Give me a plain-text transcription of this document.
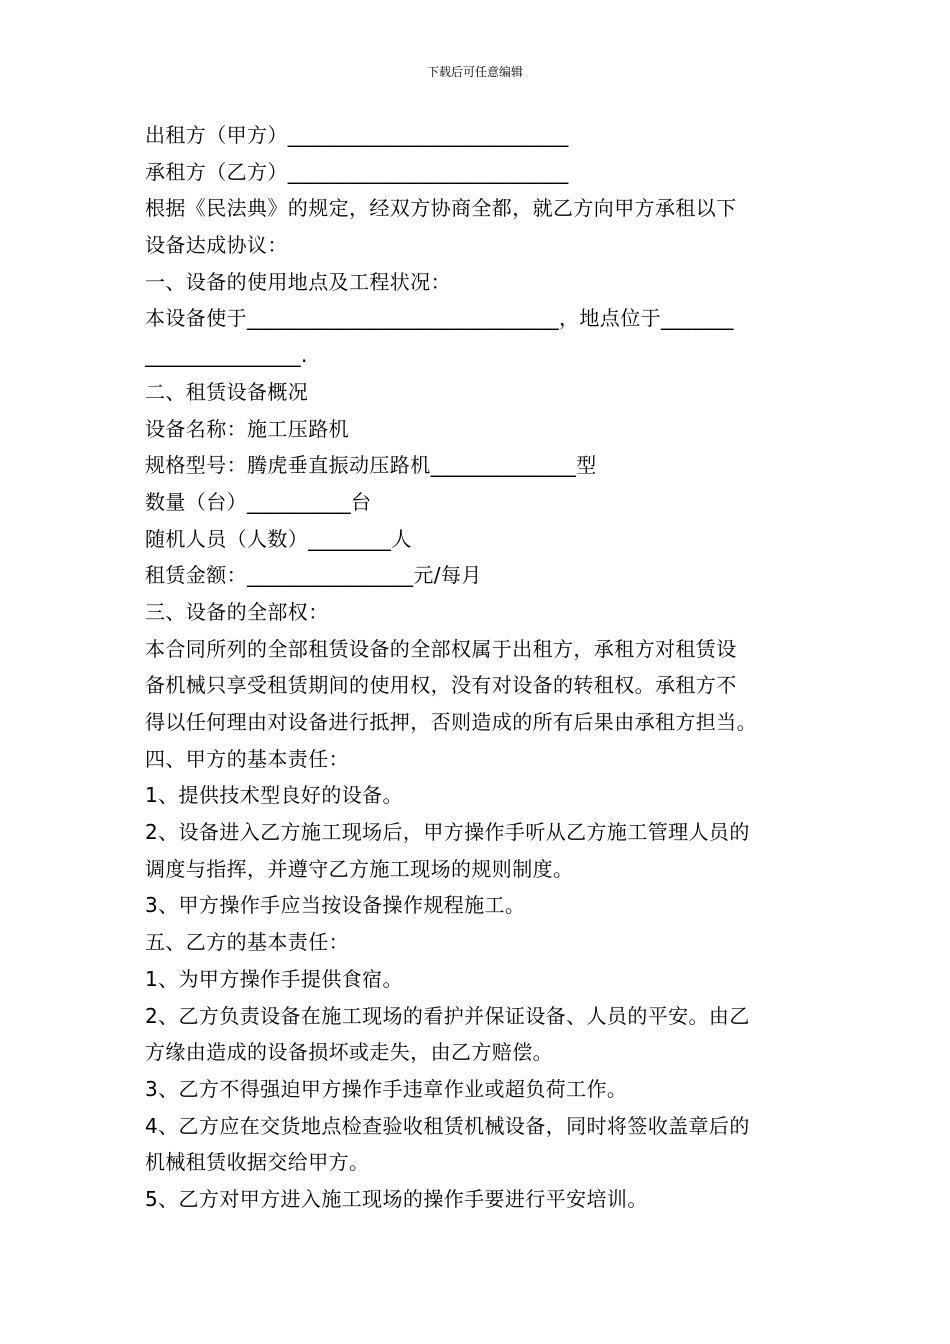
下载后可任意编辑
出租方（甲方）___________________________
承租方（乙方）___________________________
根据《民法典》的规定，经双方协商全都，就乙方向甲方承租以下
设备达成协议：
一、设备的使用地点及工程状况：
本设备使于______________________________，地点位于_______
_______________.
二、租赁设备概况
设备名称：施工压路机
规格型号：腾虎垂直振动压路机______________型
数量（台）__________台
随机人员（人数）________人
租赁金额：________________元/每月
三、设备的全部权：
本合同所列的全部租赁设备的全部权属于出租方，承租方对租赁设
备机械只享受租赁期间的使用权，没有对设备的转租权。承租方不
得以任何理由对设备进行抵押，否则造成的所有后果由承租方担当。
四、甲方的基本责任：
1、提供技术型良好的设备。
2、设备进入乙方施工现场后，甲方操作手听从乙方施工管理人员的
调度与指挥，并遵守乙方施工现场的规则制度。
3、甲方操作手应当按设备操作规程施工。
五、乙方的基本责任：
1、为甲方操作手提供食宿。
2、乙方负责设备在施工现场的看护并保证设备、人员的平安。由乙
方缘由造成的设备损坏或走失，由乙方赔偿。
3、乙方不得强迫甲方操作手违章作业或超负荷工作。
4、乙方应在交货地点检查验收租赁机械设备，同时将签收盖章后的
机械租赁收据交给甲方。
5、乙方对甲方进入施工现场的操作手要进行平安培训。
